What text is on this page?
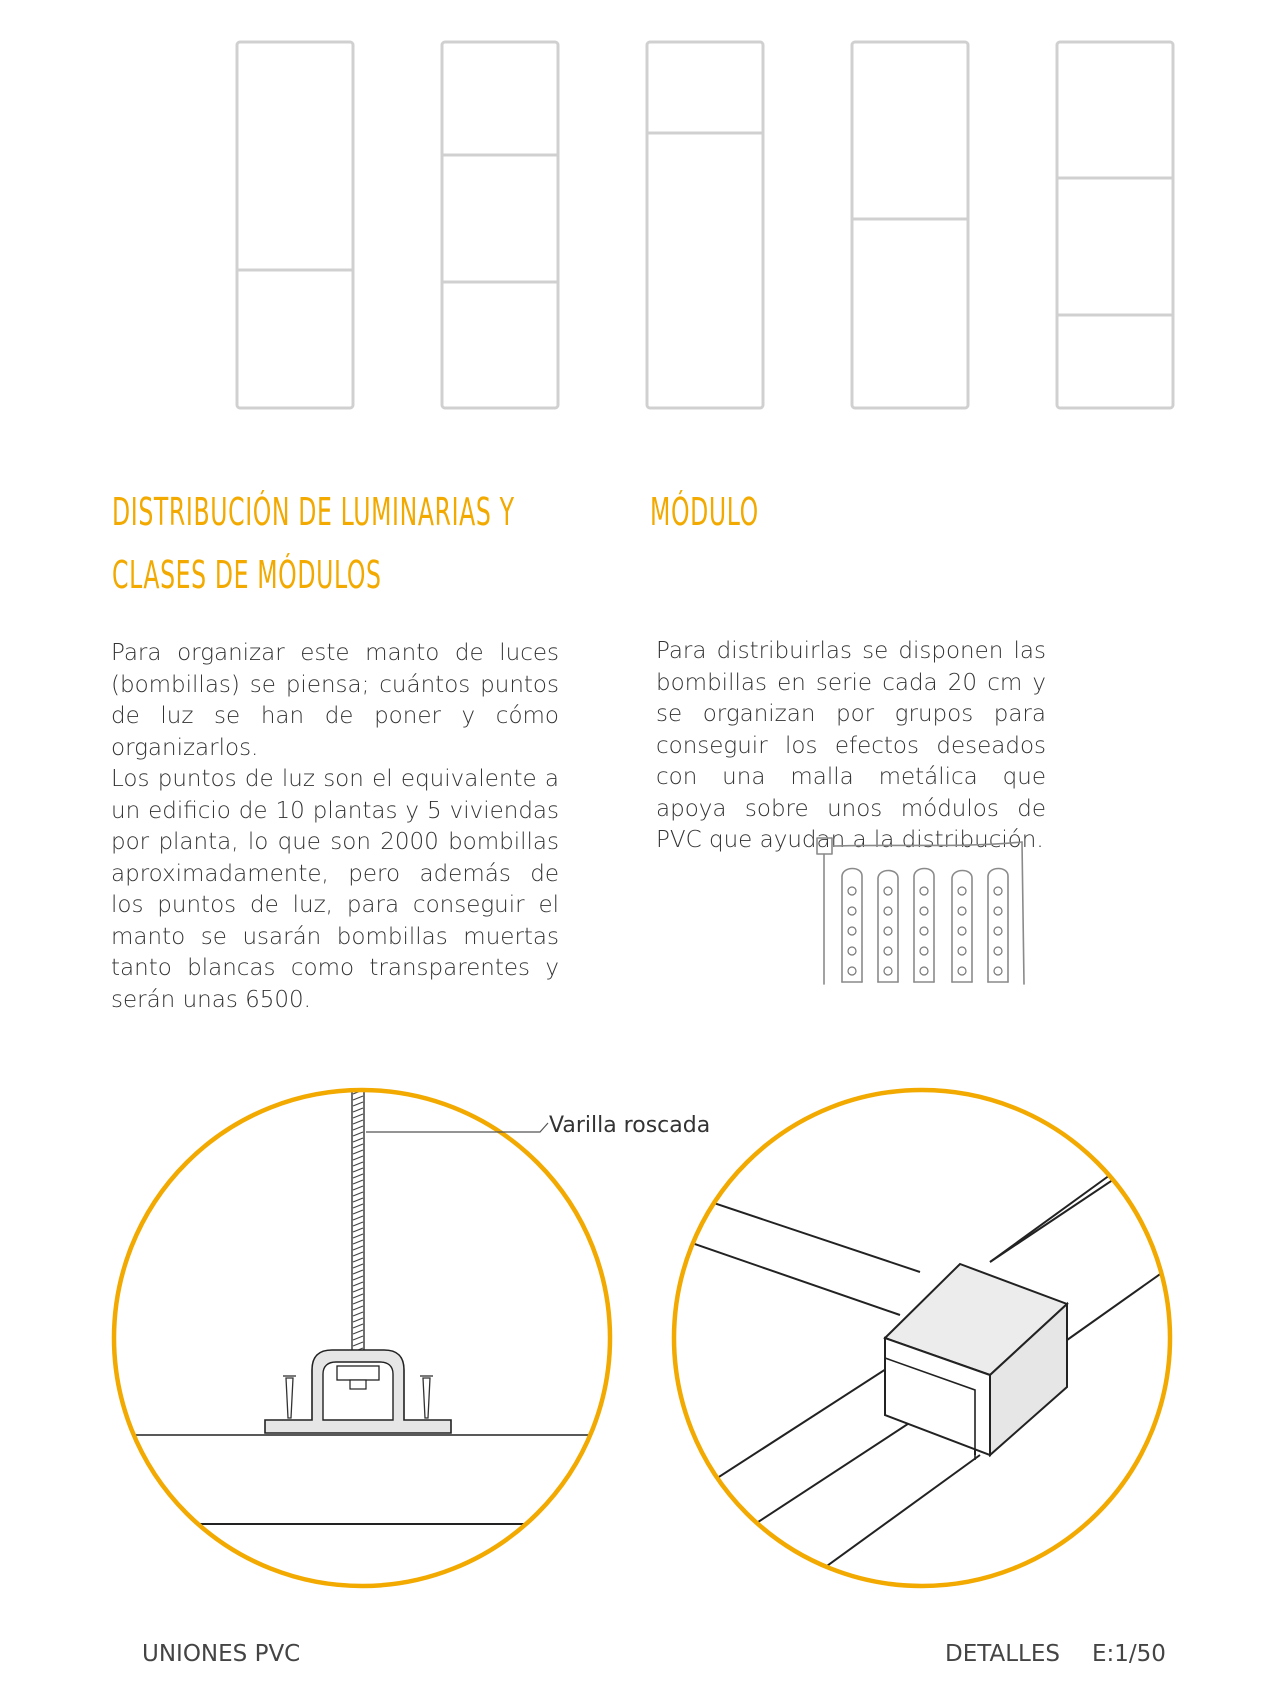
DISTRIBUCIÓN DE LUMINARIAS Y
CLASES DE MÓDULOS
MÓDULO

Para organizar este manto de luces (bombillas) se piensa; cuántos puntos de luz se han de poner y cómo organizarlos.

Los puntos de luz son el equivalente a un edificio de 10 plantas y 5 viviendas por planta, lo que son 2000 bombillas aproximadamente, pero además de los puntos de luz, para conseguir el manto se usarán bombillas muertas tanto blancas como transparentes y serán unas 6500.

Para distribuirlas se disponen las bombillas en serie cada 20 cm y se organizan por grupos para conseguir los efectos deseados con una malla metálica que apoya sobre unos módulos de PVC que ayudan a la distribución.

Varilla roscada
UNIONES PVC	DETALLES E:1/50
